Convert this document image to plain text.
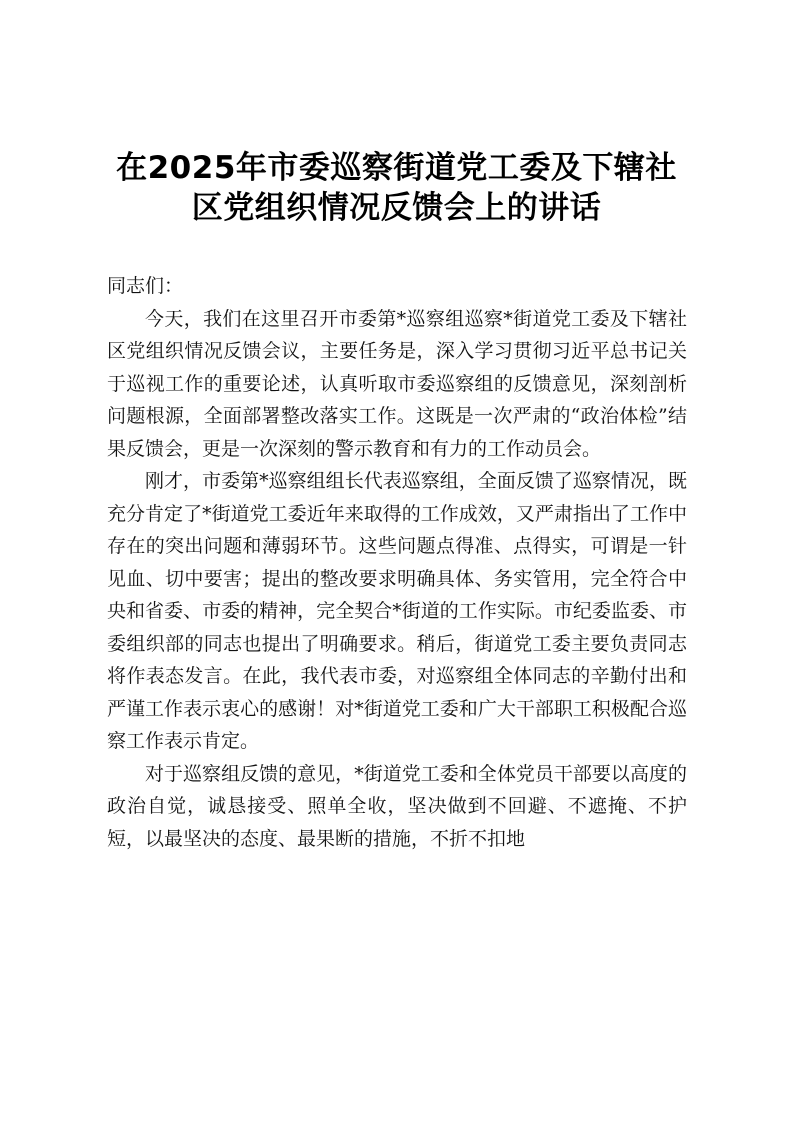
在2025年市委巡察街道党工委及下辖社
区党组织情况反馈会上的讲话

同志们：

今天，我们在这里召开市委第*巡察组巡察*街道党工委及下辖社区党组织情况反馈会议，主要任务是，深入学习贯彻习近平总书记关于巡视工作的重要论述，认真听取市委巡察组的反馈意见，深刻剖析问题根源，全面部署整改落实工作。这既是一次严肃的“政治体检”结果反馈会，更是一次深刻的警示教育和有力的工作动员会。

刚才，市委第*巡察组组长代表巡察组，全面反馈了巡察情况，既充分肯定了*街道党工委近年来取得的工作成效，又严肃指出了工作中存在的突出问题和薄弱环节。这些问题点得准、点得实，可谓是一针见血、切中要害；提出的整改要求明确具体、务实管用，完全符合中央和省委、市委的精神，完全契合*街道的工作实际。市纪委监委、市委组织部的同志也提出了明确要求。稍后，街道党工委主要负责同志将作表态发言。在此，我代表市委，对巡察组全体同志的辛勤付出和严谨工作表示衷心的感谢！对*街道党工委和广大干部职工积极配合巡察工作表示肯定。

对于巡察组反馈的意见，*街道党工委和全体党员干部要以高度的政治自觉，诚恳接受、照单全收，坚决做到不回避、不遮掩、不护短，以最坚决的态度、最果断的措施，不折不扣地
